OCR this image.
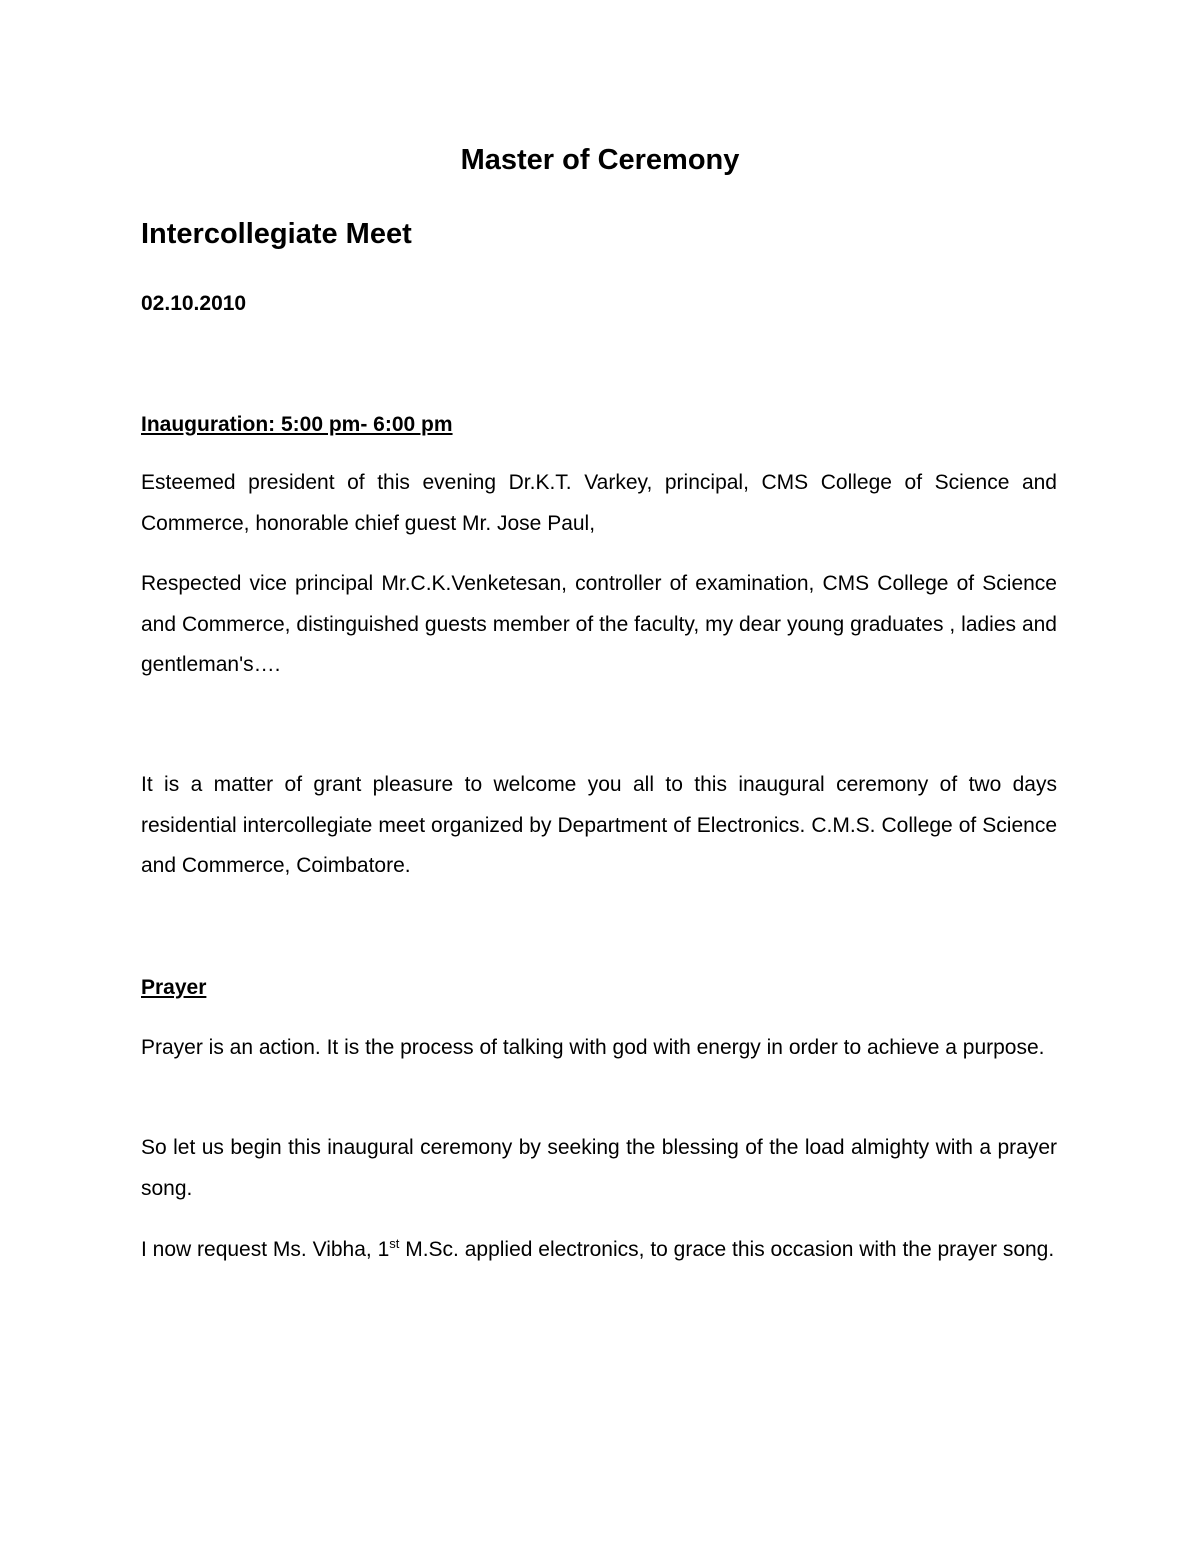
Master of Ceremony
Intercollegiate Meet
02.10.2010
Inauguration: 5:00 pm- 6:00 pm

Esteemed president of this evening Dr.K.T. Varkey, principal, CMS College of Science and Commerce, honorable chief guest Mr. Jose Paul,

Respected vice principal Mr.C.K.Venketesan, controller of examination, CMS College of Science and Commerce, distinguished guests member of the faculty, my dear young graduates , ladies and gentleman's….

It is a matter of grant pleasure to welcome you all to this inaugural ceremony of two days residential intercollegiate meet organized by Department of Electronics. C.M.S. College of Science and Commerce, Coimbatore.

Prayer

Prayer is an action. It is the process of talking with god with energy in order to achieve a purpose.

So let us begin this inaugural ceremony by seeking the blessing of the load almighty with a prayer song.

I now request Ms. Vibha, 1st M.Sc. applied electronics, to grace this occasion with the prayer song.
